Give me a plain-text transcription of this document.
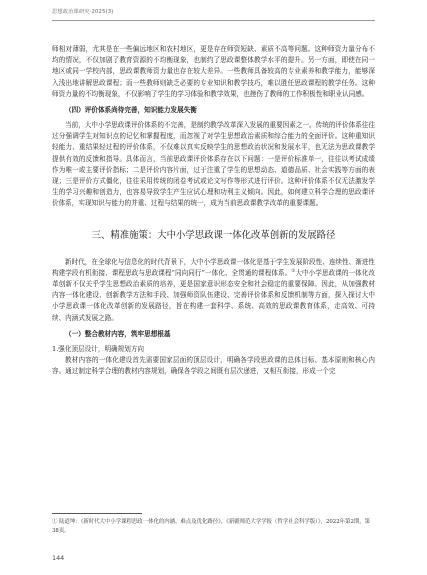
思想政治课研究·2025(3)

师相对薄弱，尤其是在一些偏远地区和农村地区，更是存在师资短缺、素质不高等问题。这种师资力量分布不均的情况，不仅加剧了教育资源的不均衡现象，也制约了思政课整体教学水平的提升。另一方面，即使在同一地区或同一学校内部，思政课教师资力量也存在较大差异。一些教师具备较高的专业素养和教学能力，能够深入浅出地讲解思政课程；而一些教师则缺乏必要的专业知识和教学技巧，难以胜任思政课程的教学任务。这种师资力量的不均衡现象，不仅影响了学生的学习体验和教学效果，也挫伤了教师的工作积极性和职业认同感。

（四）评价体系尚待完善，知识能力发展失衡

当前，大中小学思政课评价体系的不完善，是制约教学改革深入发展的重要因素之一。传统的评价体系往往过分强调学生对知识点的记忆和掌握程度，而忽视了对学生思想政治素质和综合能力的全面评价。这种重知识轻能力、重结果轻过程的评价体系，不仅难以真实反映学生的思想政治状况和发展水平，也无法为思政课教学提供有效的反馈和指导。具体而言，当前思政课评价体系存在以下问题：一是评价标准单一，往往以考试成绩作为唯一或主要评价指标；二是评价内容片面，过于注重了学生的思想动态、道德品质、社会实践等方面的表现；三是评价方式僵化，往往采用传统的闭卷考试或论文写作等形式进行评价。这种评价体系不仅无法激发学生的学习兴趣和创造力，也容易导致学生产生应试心理和功利主义倾向。因此，如何建立科学合理的思政课评价体系，实现知识与能力的并重、过程与结果的统一，成为当前思政课教学改革的重要课题。

三、精准施策：大中小学思政课一体化改革创新的发展路径

新时代，在全球化与信息化的时代背景下，大中小学思政课一体化是基于学生发展阶段性、连续性、渐进性构建学段有机衔接、课程思政与思政课程“同向同行”一体化、全贯通的课程体系。①大中小学思政课的一体化改革创新不仅关乎学生思想政治素质的培养，更是国家意识形态安全和社会稳定的重要保障。因此，从加强教材内容一体化建设、创新教学方法和手段、加强师资队伍建设、完善评价体系和反馈机制等方面，探入探讨大中小学思政课一体化改革创新的发展路径，旨在构建一套科学、系统、高效的思政课教育体系，走高效、可持续、内涵式发展之路。

（一）整合教材内容，筑牢思想根基

1.强化顶层设计，明确规划方向

教材内容的一体化建设首先需要国家层面的顶层设计，明确各学段思政课的总体目标、基本原则和核心内容。通过制定科学合理的教材内容规划，确保各学段之间既有层次递进，又相互衔接，形成一个完

① 陆道坤：《新时代大中小学课程思政一体化的内涵、难点及优化路径》，《新疆师范大学学报（哲学社会科学版）》，2022年第2期，第38页。
144
